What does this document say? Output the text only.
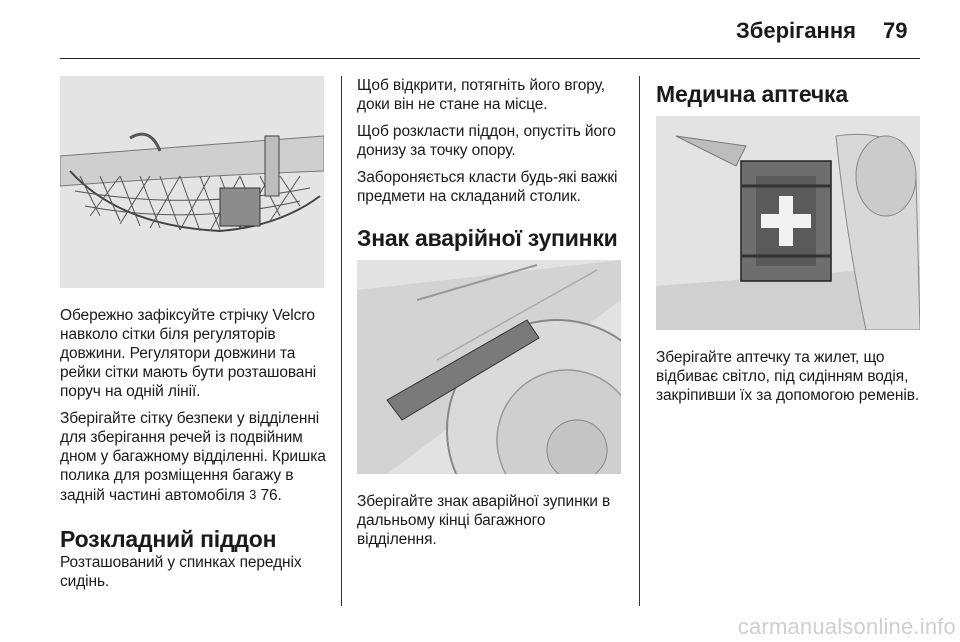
Зберігання 79

Обережно зафіксуйте стрічку Velcro навколо сітки біля регуляторів довжини. Регулятори довжини та рейки сітки мають бути розташовані поруч на одній лінії.

Зберігайте сітку безпеки у відділенні для зберігання речей із подвійним дном у багажному відділенні. Кришка полика для розміщення багажу в задній частині автомобіля 3 76.

Розкладний піддон

Розташований у спинках передніх сидінь.

Щоб відкрити, потягніть його вгору, доки він не стане на місце.

Щоб розкласти піддон, опустіть його донизу за точку опору.

Забороняється класти будь-які важкі предмети на складаний столик.

Знак аварійної зупинки

Зберігайте знак аварійної зупинки в дальньому кінці багажного відділення.

Медична аптечка

Зберігайте аптечку та жилет, що відбиває світло, під сидінням водія, закріпивши їх за допомогою ременів.

carmanualsonline.info
